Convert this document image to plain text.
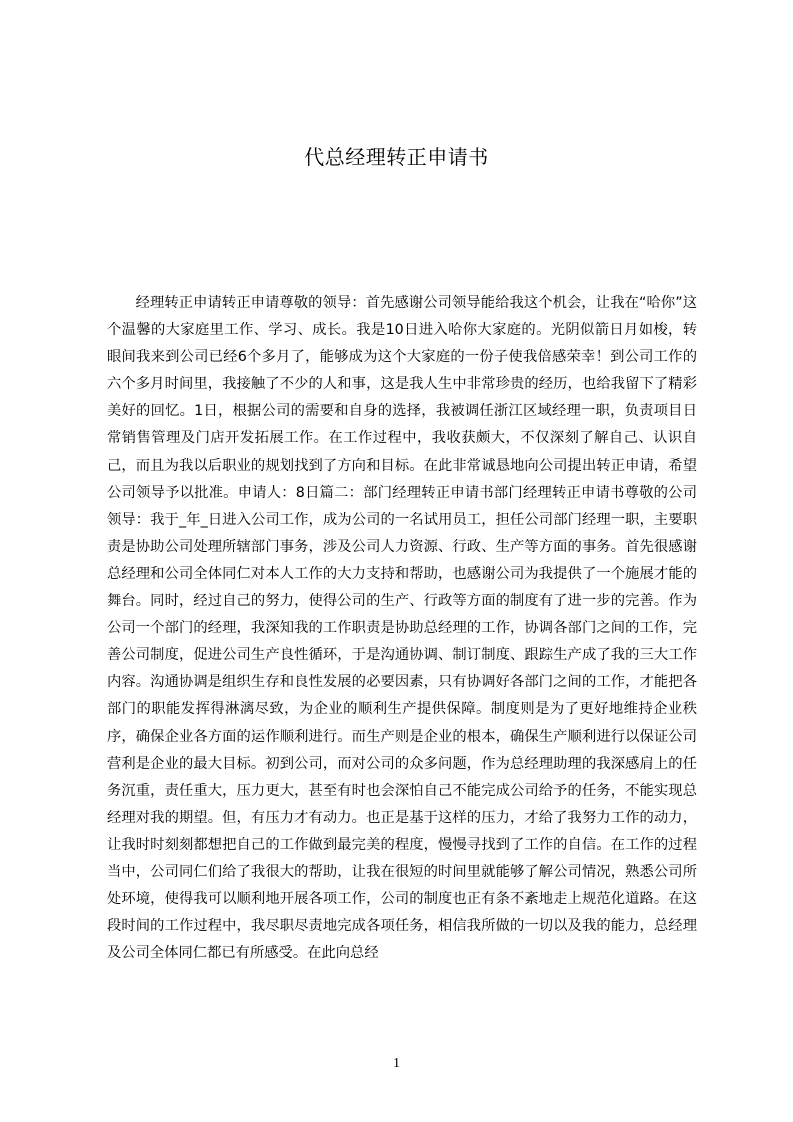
代总经理转正申请书

经理转正申请转正申请尊敬的领导：首先感谢公司领导能给我这个机会，让我在“哈你”这个温馨的大家庭里工作、学习、成长。我是10日进入哈你大家庭的。光阴似箭日月如梭，转眼间我来到公司已经6个多月了，能够成为这个大家庭的一份子使我倍感荣幸！到公司工作的六个多月时间里，我接触了不少的人和事，这是我人生中非常珍贵的经历，也给我留下了精彩美好的回忆。1日，根据公司的需要和自身的选择，我被调任浙江区域经理一职，负责项目日常销售管理及门店开发拓展工作。在工作过程中，我收获颇大，不仅深刻了解自己、认识自己，而且为我以后职业的规划找到了方向和目标。在此非常诚恳地向公司提出转正申请，希望公司领导予以批准。申请人：8日篇二：部门经理转正申请书部门经理转正申请书尊敬的公司领导：我于_年_日进入公司工作，成为公司的一名试用员工，担任公司部门经理一职，主要职责是协助公司处理所辖部门事务，涉及公司人力资源、行政、生产等方面的事务。首先很感谢总经理和公司全体同仁对本人工作的大力支持和帮助，也感谢公司为我提供了一个施展才能的舞台。同时，经过自己的努力，使得公司的生产、行政等方面的制度有了进一步的完善。作为公司一个部门的经理，我深知我的工作职责是协助总经理的工作，协调各部门之间的工作，完善公司制度，促进公司生产良性循环，于是沟通协调、制订制度、跟踪生产成了我的三大工作内容。沟通协调是组织生存和良性发展的必要因素，只有协调好各部门之间的工作，才能把各部门的职能发挥得淋漓尽致，为企业的顺利生产提供保障。制度则是为了更好地维持企业秩序，确保企业各方面的运作顺利进行。而生产则是企业的根本，确保生产顺利进行以保证公司营利是企业的最大目标。初到公司，而对公司的众多问题，作为总经理助理的我深感肩上的任务沉重，责任重大，压力更大，甚至有时也会深怕自己不能完成公司给予的任务，不能实现总经理对我的期望。但，有压力才有动力。也正是基于这样的压力，才给了我努力工作的动力，让我时时刻刻都想把自己的工作做到最完美的程度，慢慢寻找到了工作的自信。在工作的过程当中，公司同仁们给了我很大的帮助，让我在很短的时间里就能够了解公司情况，熟悉公司所处环境，使得我可以顺利地开展各项工作，公司的制度也正有条不紊地走上规范化道路。在这段时间的工作过程中，我尽职尽责地完成各项任务，相信我所做的一切以及我的能力，总经理及公司全体同仁都已有所感受。在此向总经

1
